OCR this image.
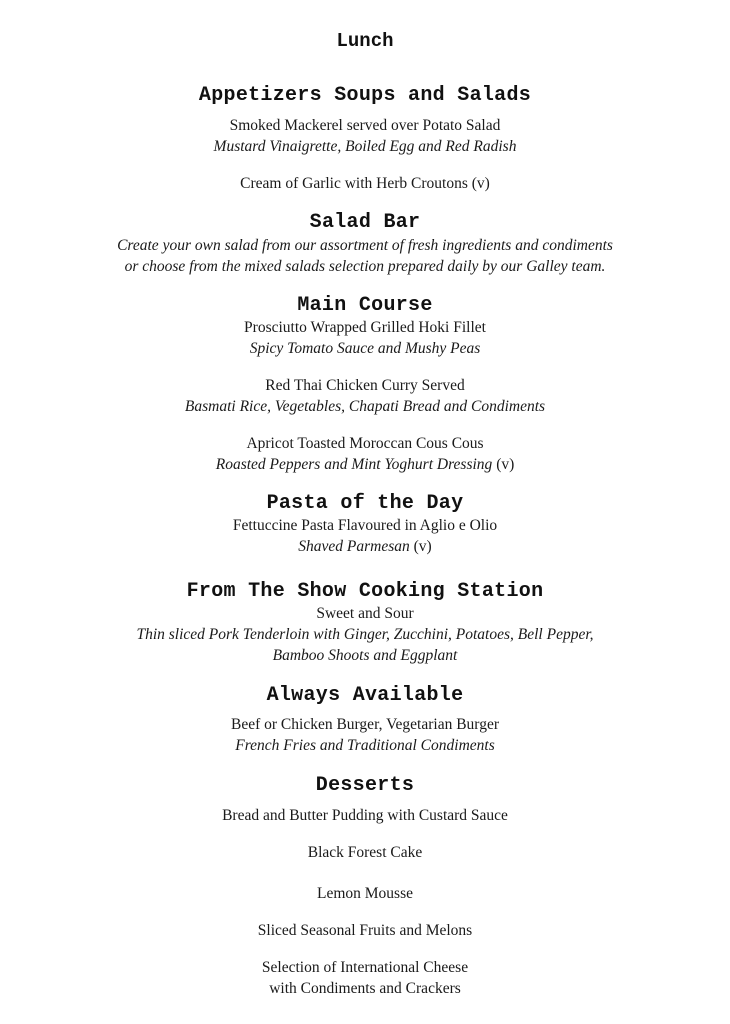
Lunch
Appetizers Soups and Salads
Smoked Mackerel served over Potato Salad
Mustard Vinaigrette, Boiled Egg and Red Radish
Cream of Garlic with Herb Croutons (v)
Salad Bar
Create your own salad from our assortment of fresh ingredients and condiments
or choose from the mixed salads selection prepared daily by our Galley team.
Main Course
Prosciutto Wrapped Grilled Hoki Fillet
Spicy Tomato Sauce and Mushy Peas
Red Thai Chicken Curry Served
Basmati Rice, Vegetables, Chapati Bread and Condiments
Apricot Toasted Moroccan Cous Cous
Roasted Peppers and Mint Yoghurt Dressing (v)
Pasta of the Day
Fettuccine Pasta Flavoured in Aglio e Olio
Shaved Parmesan (v)
From The Show Cooking Station
Sweet and Sour
Thin sliced Pork Tenderloin with Ginger, Zucchini, Potatoes, Bell Pepper,
Bamboo Shoots and Eggplant
Always Available
Beef or Chicken Burger, Vegetarian Burger
French Fries and Traditional Condiments
Desserts
Bread and Butter Pudding with Custard Sauce
Black Forest Cake
Lemon Mousse
Sliced Seasonal Fruits and Melons
Selection of International Cheese
with Condiments and Crackers
